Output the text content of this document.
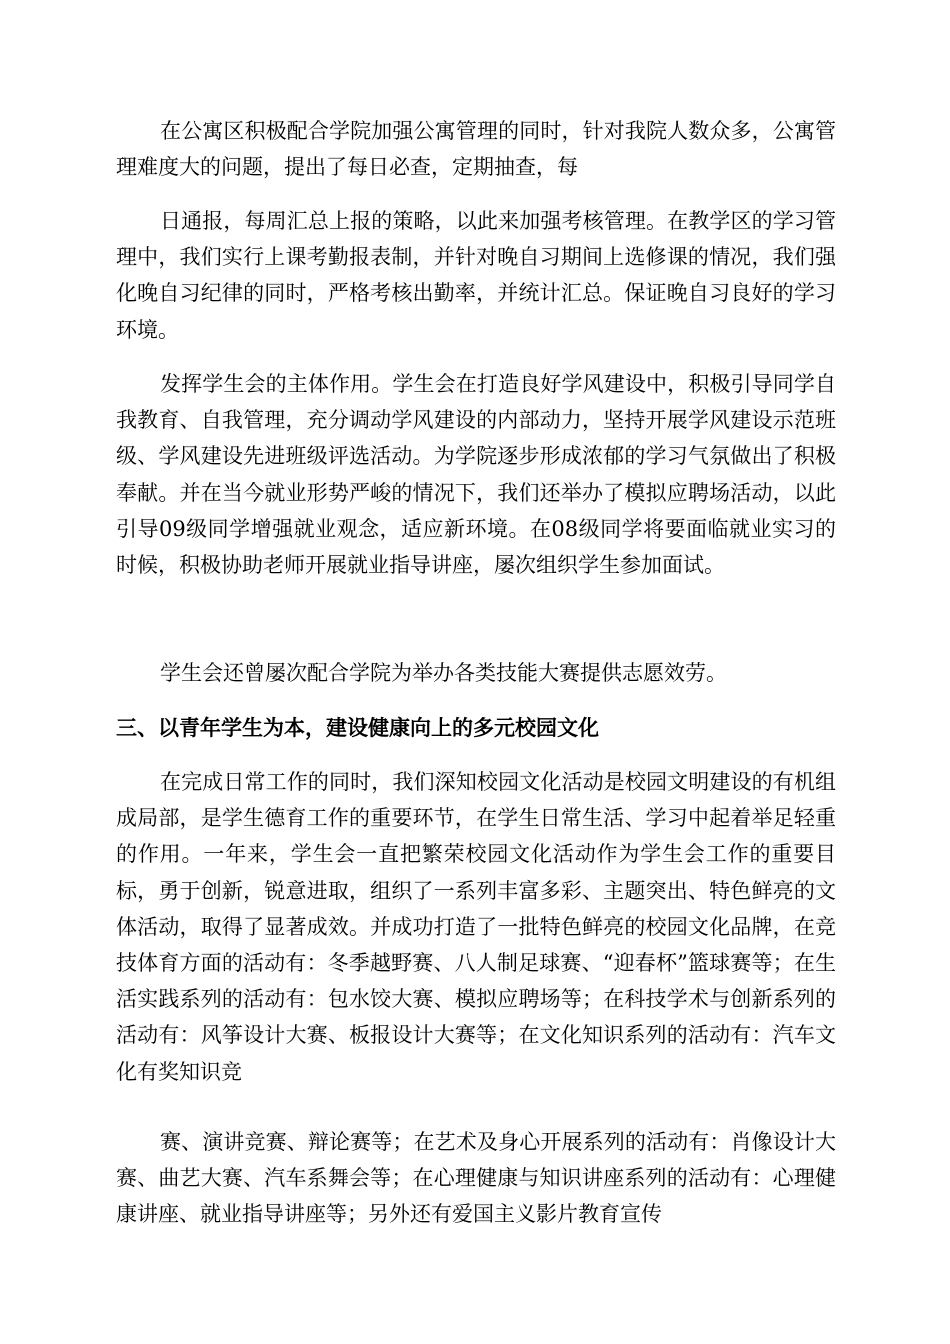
在公寓区积极配合学院加强公寓管理的同时，针对我院人数众多，公寓管理难度大的问题，提出了每日必查，定期抽查，每

日通报，每周汇总上报的策略，以此来加强考核管理。在教学区的学习管理中，我们实行上课考勤报表制，并针对晚自习期间上选修课的情况，我们强化晚自习纪律的同时，严格考核出勤率，并统计汇总。保证晚自习良好的学习环境。

发挥学生会的主体作用。学生会在打造良好学风建设中，积极引导同学自我教育、自我管理，充分调动学风建设的内部动力，坚持开展学风建设示范班级、学风建设先进班级评选活动。为学院逐步形成浓郁的学习气氛做出了积极奉献。并在当今就业形势严峻的情况下，我们还举办了模拟应聘场活动，以此引导09级同学增强就业观念，适应新环境。在08级同学将要面临就业实习的时候，积极协助老师开展就业指导讲座，屡次组织学生参加面试。

学生会还曾屡次配合学院为举办各类技能大赛提供志愿效劳。

三、以青年学生为本，建设健康向上的多元校园文化

在完成日常工作的同时，我们深知校园文化活动是校园文明建设的有机组成局部，是学生德育工作的重要环节，在学生日常生活、学习中起着举足轻重的作用。一年来，学生会一直把繁荣校园文化活动作为学生会工作的重要目标，勇于创新，锐意进取，组织了一系列丰富多彩、主题突出、特色鲜亮的文体活动，取得了显著成效。并成功打造了一批特色鲜亮的校园文化品牌，在竞技体育方面的活动有：冬季越野赛、八人制足球赛、“迎春杯”篮球赛等；在生活实践系列的活动有：包水饺大赛、模拟应聘场等；在科技学术与创新系列的活动有：风筝设计大赛、板报设计大赛等；在文化知识系列的活动有：汽车文化有奖知识竞

赛、演讲竞赛、辩论赛等；在艺术及身心开展系列的活动有：肖像设计大赛、曲艺大赛、汽车系舞会等；在心理健康与知识讲座系列的活动有：心理健康讲座、就业指导讲座等；另外还有爱国主义影片教育宣传
